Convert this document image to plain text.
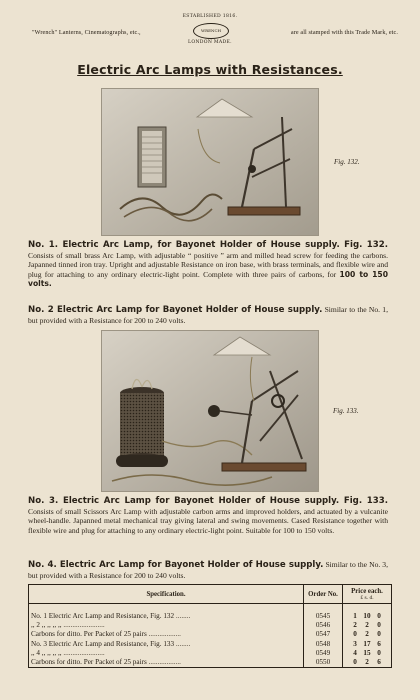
"Wrench" Lanterns, Cinematographs, etc.,
ESTABLISHED 1816.
WRENCH
LONDON MADE.
are all stamped with this Trade Mark, etc.
Electric Arc Lamps with Resistances.
Fig. 132.
No. 1. Electric Arc Lamp, for Bayonet Holder of House supply. Fig. 132. Consists of small brass Arc Lamp, with adjustable “ positive ” arm and milled head screw for feeding the carbons. Japanned tinned iron tray. Upright and adjustable Resistance on iron base, with brass terminals, and flexible wire and plug for attaching to any ordinary electric-light point. Complete with three pairs of carbons, for 100 to 150 volts.
No. 2 Electric Arc Lamp for Bayonet Holder of House supply. Similar to the No. 1, but provided with a Resistance for 200 to 240 volts.
Fig. 133.
No. 3. Electric Arc Lamp for Bayonet Holder of House supply. Fig. 133. Consists of small Scissors Arc Lamp with adjustable carbon arms and improved holders, and actuated by a vulcanite wheel-handle. Japanned metal mechanical tray giving lateral and swing movements. Cased Resistance together with flexible wire and plug for attaching to any ordinary electric-light point. Suitable for 100 to 150 volts.
No. 4. Electric Arc Lamp for Bayonet Holder of House supply. Similar to the No. 3, but provided with a Resistance for 200 to 240 volts.
Specification.	Order No.	Price each.
£ s. d.

No. 1 Electric Arc Lamp and Resistance, Fig. 132 ........	0545	1 10 0
,, 2 ,, ,, ,, ,, .......................	0546	2 2 0
Carbons for ditto. Per Packet of 25 pairs ..................	0547	0 2 0
No. 3 Electric Arc Lamp and Resistance, Fig. 133 ........	0548	3 17 6
,, 4 ,, ,, ,, ,, .......................	0549	4 15 0
Carbons for ditto. Per Packet of 25 pairs ..................	0550	0 2 6
